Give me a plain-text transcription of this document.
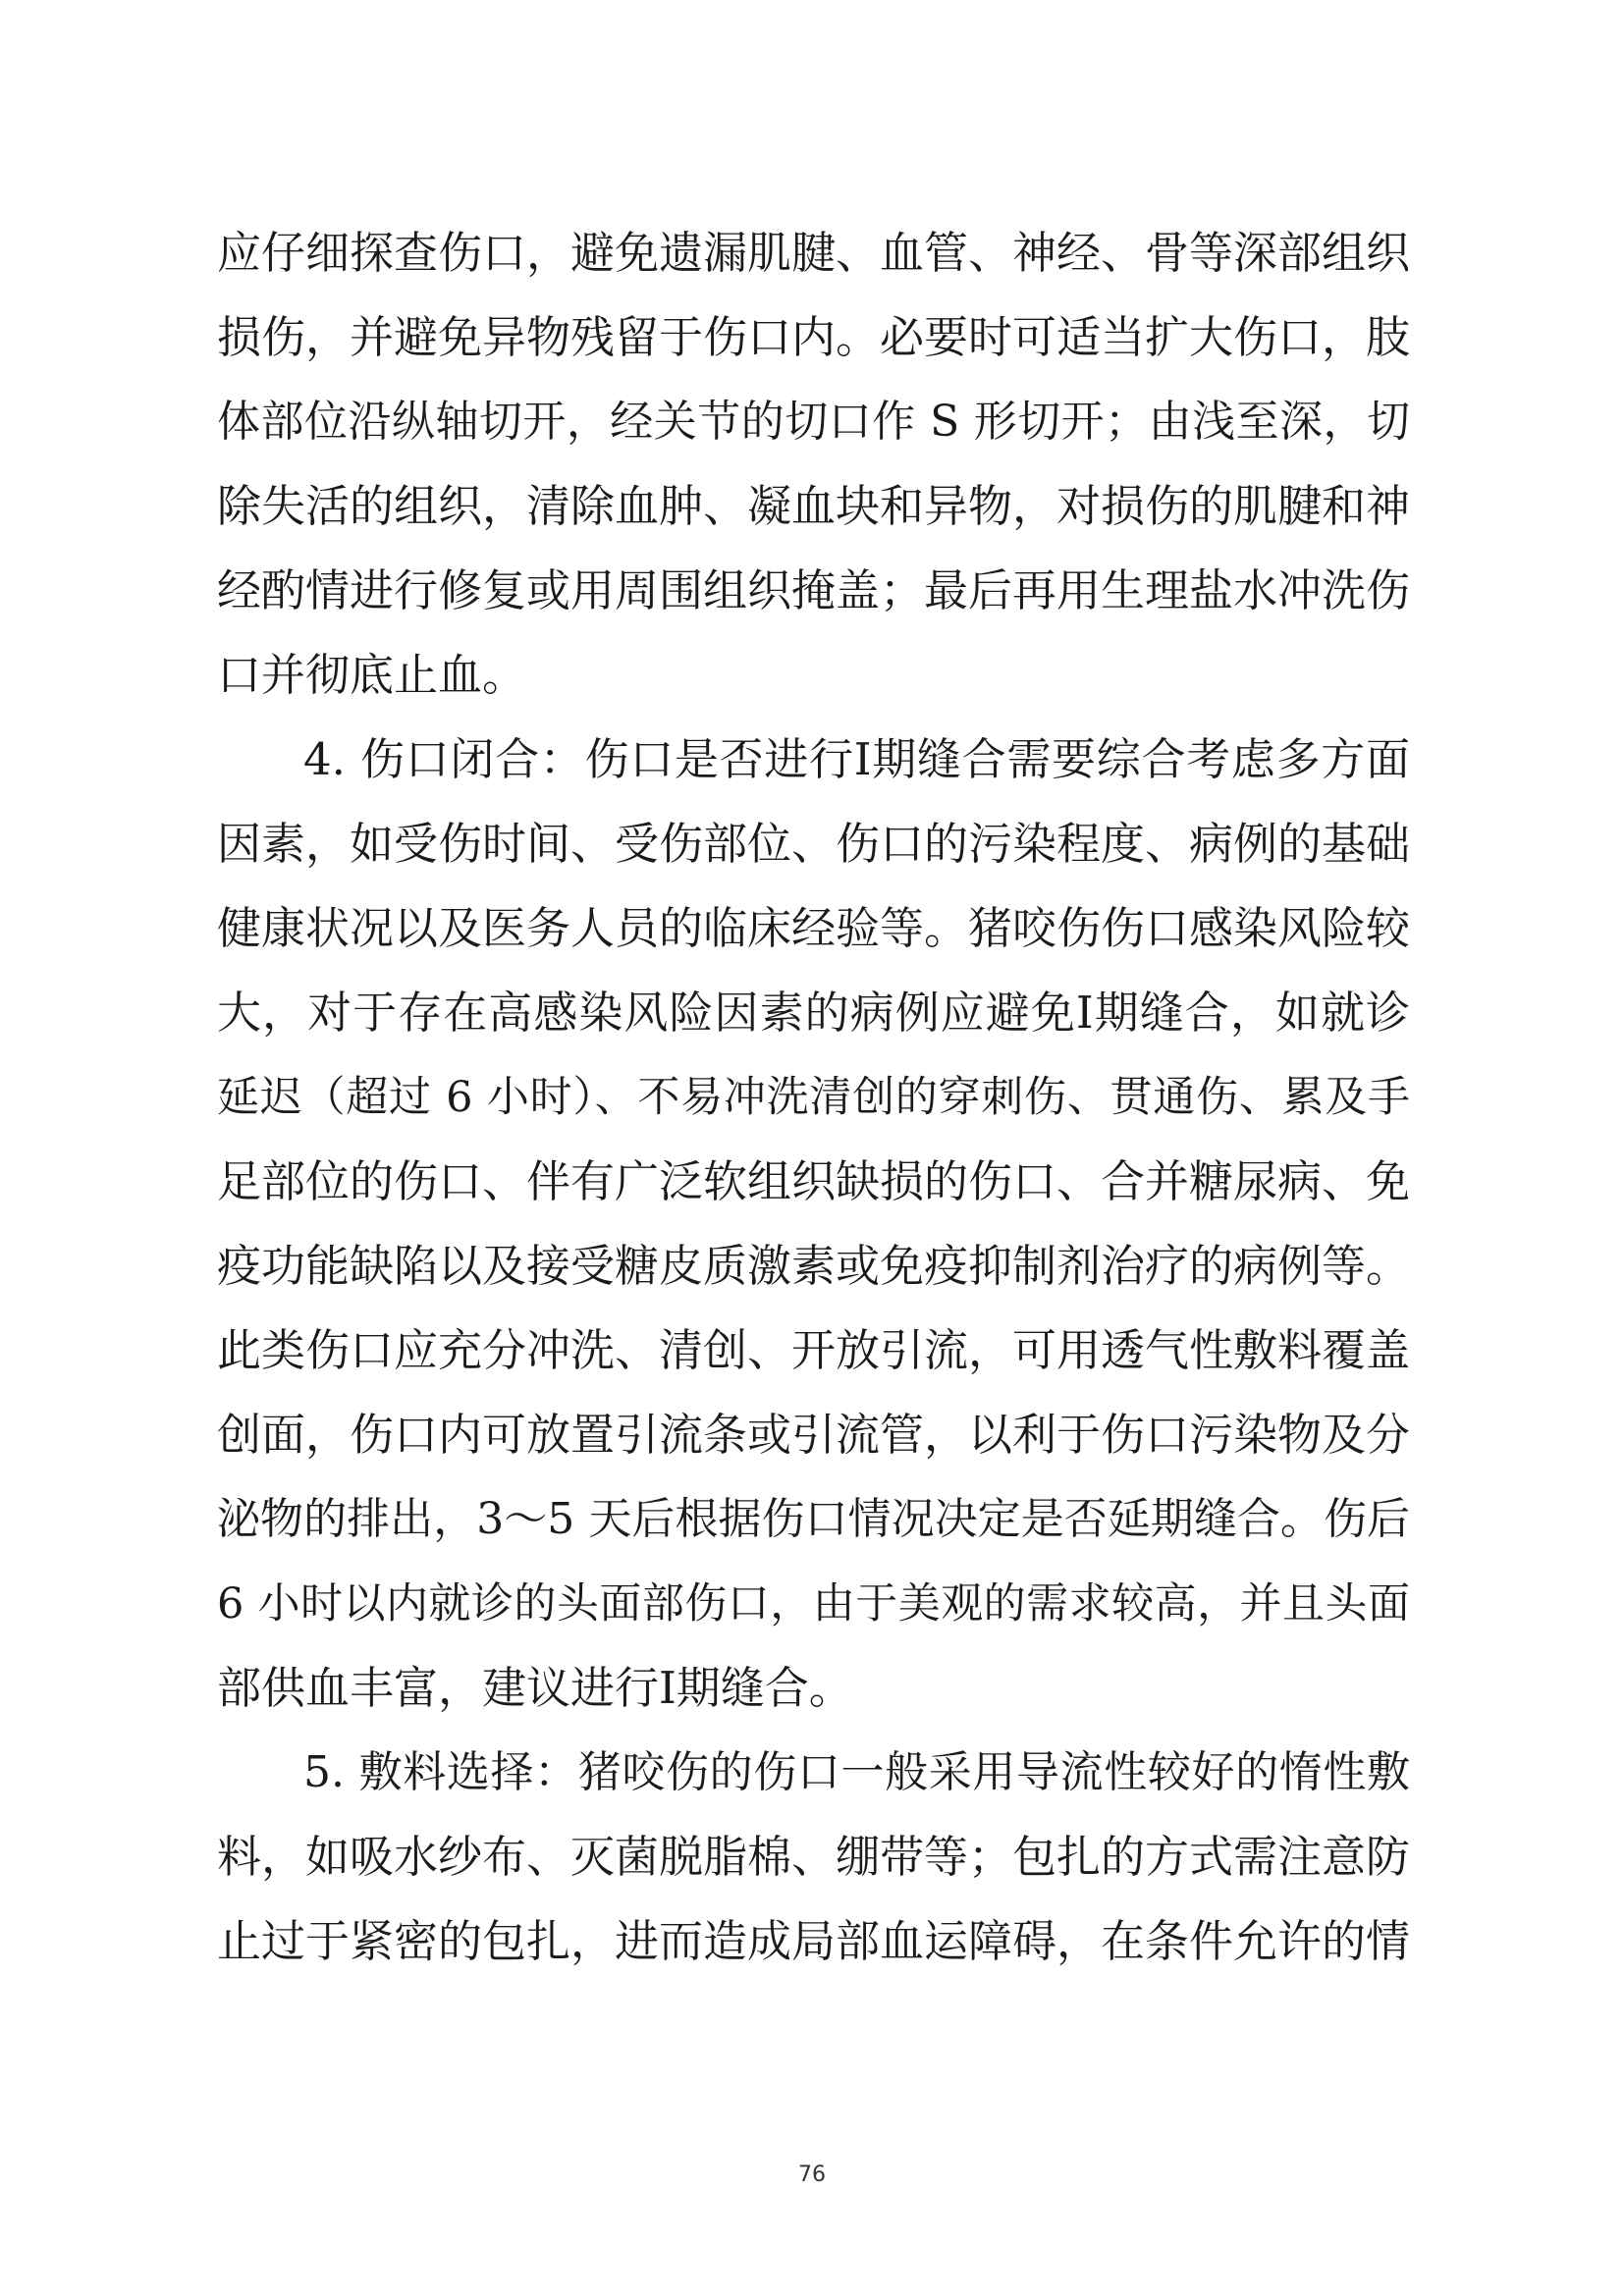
应仔细探查伤口，避免遗漏肌腱、血管、神经、骨等深部组织
损伤，并避免异物残留于伤口内。必要时可适当扩大伤口，肢
体部位沿纵轴切开，经关节的切口作 S 形切开；由浅至深，切
除失活的组织，清除血肿、凝血块和异物，对损伤的肌腱和神
经酌情进行修复或用周围组织掩盖；最后再用生理盐水冲洗伤
口并彻底止血。
4. 伤口闭合：伤口是否进行Ⅰ期缝合需要综合考虑多方面
因素，如受伤时间、受伤部位、伤口的污染程度、病例的基础
健康状况以及医务人员的临床经验等。猪咬伤伤口感染风险较
大，对于存在高感染风险因素的病例应避免Ⅰ期缝合，如就诊
延迟（超过 6 小时）、不易冲洗清创的穿刺伤、贯通伤、累及手
足部位的伤口、伴有广泛软组织缺损的伤口、合并糖尿病、免
疫功能缺陷以及接受糖皮质激素或免疫抑制剂治疗的病例等。
此类伤口应充分冲洗、清创、开放引流，可用透气性敷料覆盖
创面，伤口内可放置引流条或引流管，以利于伤口污染物及分
泌物的排出，3～5 天后根据伤口情况决定是否延期缝合。伤后
6 小时以内就诊的头面部伤口，由于美观的需求较高，并且头面
部供血丰富，建议进行Ⅰ期缝合。
5. 敷料选择：猪咬伤的伤口一般采用导流性较好的惰性敷
料，如吸水纱布、灭菌脱脂棉、绷带等；包扎的方式需注意防
止过于紧密的包扎，进而造成局部血运障碍，在条件允许的情
76
